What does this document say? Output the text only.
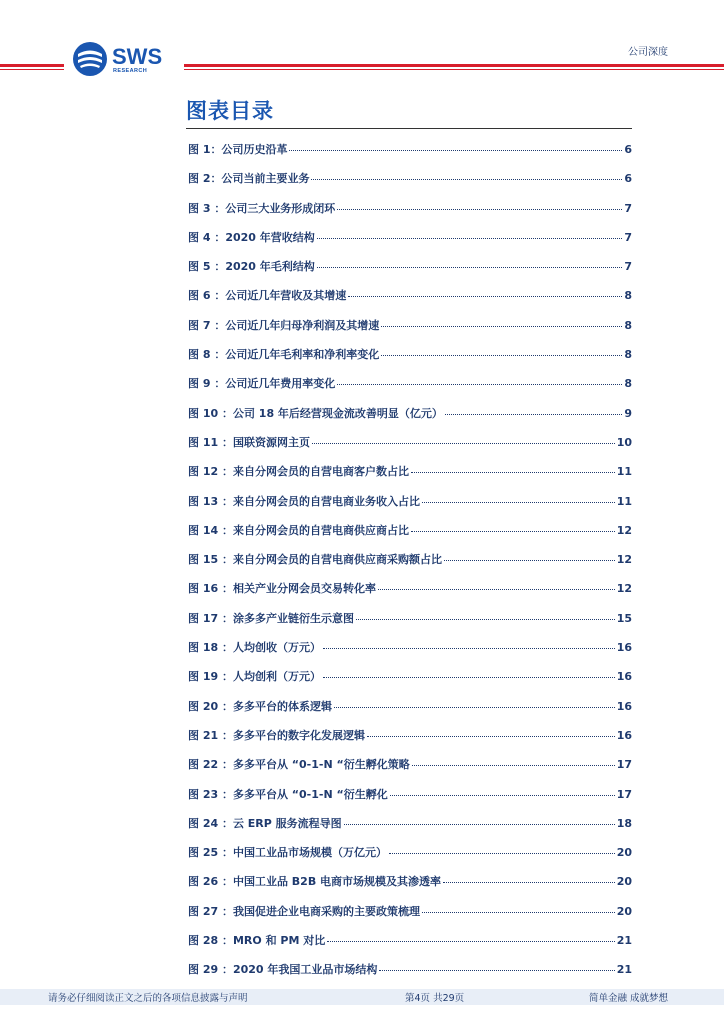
SWS
RESEARCH
公司深度
图表目录
图 1：公司历史沿革	6
图 2：公司当前主要业务	6
图 3 ：公司三大业务形成闭环	7
图 4 ：2020 年营收结构	7
图 5 ：2020 年毛利结构	7
图 6 ：公司近几年营收及其增速	8
图 7 ：公司近几年归母净利润及其增速	8
图 8 ：公司近几年毛利率和净利率变化	8
图 9 ：公司近几年费用率变化	8
图 10 ：公司 18 年后经营现金流改善明显（亿元）	9
图 11 ：国联资源网主页	10
图 12 ：来自分网会员的自营电商客户数占比	11
图 13 ：来自分网会员的自营电商业务收入占比	11
图 14 ：来自分网会员的自营电商供应商占比	12
图 15 ：来自分网会员的自营电商供应商采购额占比	12
图 16 ：相关产业分网会员交易转化率	12
图 17 ：涂多多产业链衍生示意图	15
图 18 ：人均创收（万元）	16
图 19 ：人均创利（万元）	16
图 20 ：多多平台的体系逻辑	16
图 21 ：多多平台的数字化发展逻辑	16
图 22 ：多多平台从 “0-1-N “衍生孵化策略	17
图 23 ：多多平台从 “0-1-N “衍生孵化	17
图 24 ：云 ERP 服务流程导图	18
图 25 ：中国工业品市场规模（万亿元）	20
图 26 ：中国工业品 B2B 电商市场规模及其渗透率	20
图 27 ：我国促进企业电商采购的主要政策梳理	20
图 28 ：MRO 和 PM 对比	21
图 29 ：2020 年我国工业品市场结构	21
请务必仔细阅读正文之后的各项信息披露与声明	第4页 共29页	简单金融 成就梦想
